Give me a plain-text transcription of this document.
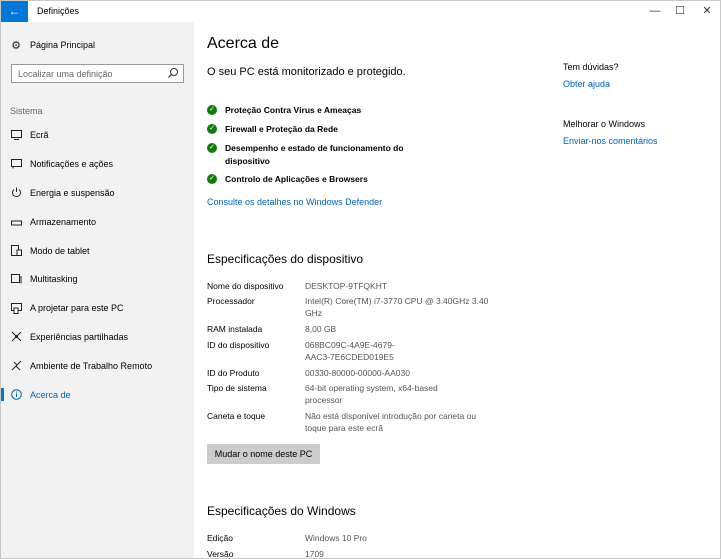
←	Definições	—	☐	✕
⚙ Página Principal
Localizar uma definição
Sistema
Ecrã
Notificações e ações
Energia e suspensão
Armazenamento
Modo de tablet
Multitasking
A projetar para este PC
Experiências partilhadas
Ambiente de Trabalho Remoto
Acerca de
Acerca de
O seu PC está monitorizado e protegido.
✓ Proteção Contra Vírus e Ameaças
✓ Firewall e Proteção da Rede
✓ Desempenho e estado de funcionamento do dispositivo
✓ Controlo de Aplicações e Browsers
Consulte os detalhes no Windows Defender
Especificações do dispositivo
Nome do dispositivo	DESKTOP-9TFQKHT
Processador	Intel(R) Core(TM) i7-3770 CPU @ 3.40GHz 3.40 GHz
RAM instalada	8,00 GB
ID do dispositivo	068BC09C-4A9E-4679-AAC3-7E6CDED019E5
ID do Produto	00330-80000-00000-AA030
Tipo de sistema	64-bit operating system, x64-based processor
Caneta e toque	Não está disponível introdução por caneta ou toque para este ecrã
Mudar o nome deste PC
Especificações do Windows
Edição	Windows 10 Pro
Versão	1709
Tem dúvidas?
Obter ajuda
Melhorar o Windows
Enviar-nos comentários
